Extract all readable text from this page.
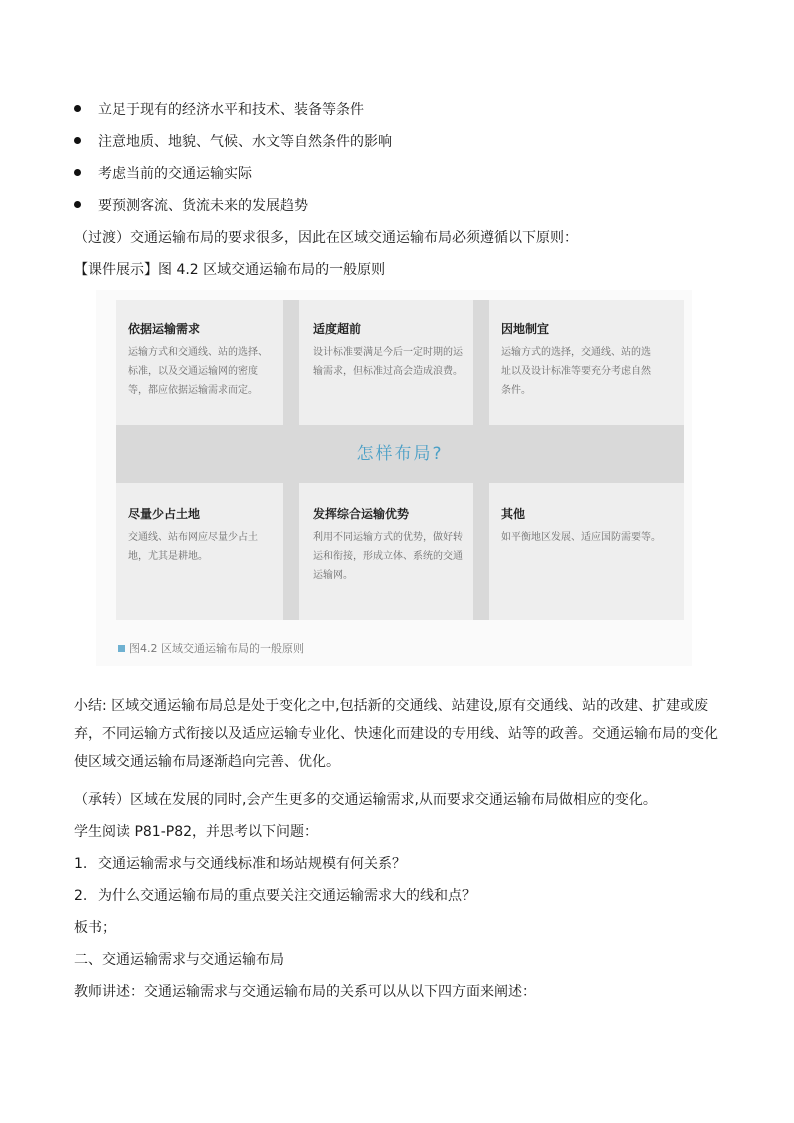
立足于现有的经济水平和技术、装备等条件
注意地质、地貌、气候、水文等自然条件的影响
考虑当前的交通运输实际
要预测客流、货流未来的发展趋势
（过渡）交通运输布局的要求很多，因此在区域交通运输布局必须遵循以下原则：
【课件展示】图 4.2 区域交通运输布局的一般原则
怎样布局?
依据运输需求
运输方式和交通线、站的选择、标准，以及交通运输网的密度等，都应依据运输需求而定。
适度超前
设计标准要满足今后一定时期的运输需求，但标准过高会造成浪费。
因地制宜
运输方式的选择，交通线、站的选址以及设计标准等要充分考虑自然条件。
尽量少占土地
交通线、站布网应尽量少占土地，尤其是耕地。
发挥综合运输优势
利用不同运输方式的优势，做好转运和衔接，形成立体、系统的交通运输网。
其他
如平衡地区发展、适应国防需要等。
图4.2 区域交通运输布局的一般原则
小结: 区域交通运输布局总是处于变化之中,包括新的交通线、站建设,原有交通线、站的改建、扩建或废弃，不同运输方式衔接以及适应运输专业化、快速化而建设的专用线、站等的政善。交通运输布局的变化使区域交通运输布局逐渐趋向完善、优化。
（承转）区域在发展的同时,会产生更多的交通运输需求,从而要求交通运输布局做相应的变化。
学生阅读 P81-P82，并思考以下问题：
1. 交通运输需求与交通线标准和场站规模有何关系？
2. 为什么交通运输布局的重点要关注交通运输需求大的线和点？
板书；
二、交通运输需求与交通运输布局
教师讲述：交通运输需求与交通运输布局的关系可以从以下四方面来阐述：
